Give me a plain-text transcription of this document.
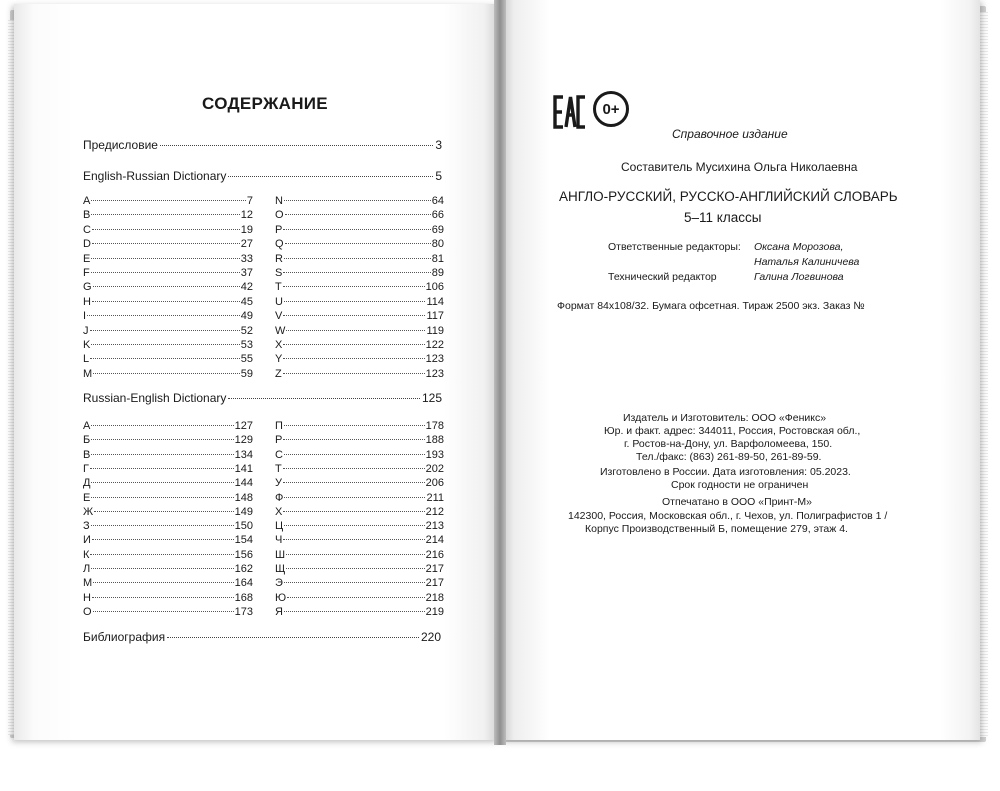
СОДЕРЖАНИЕ
Предисловие	3
English-Russian Dictionary	5
A	7
B	12
C	19
D	27
E	33
F	37
G	42
H	45
I	49
J	52
K	53
L	55
M	59
N	64
O	66
P	69
Q	80
R	81
S	89
T	106
U	114
V	117
W	119
X	122
Y	123
Z	123
Russian-English Dictionary	125
А	127
Б	129
В	134
Г	141
Д	144
Е	148
Ж	149
З	150
И	154
К	156
Л	162
М	164
Н	168
О	173
П	178
Р	188
С	193
Т	202
У	206
Ф	211
Х	212
Ц	213
Ч	214
Ш	216
Щ	217
Э	217
Ю	218
Я	219
Библиография	220
0+
Справочное издание
Составитель Мусихина Ольга Николаевна
АНГЛО-РУССКИЙ, РУССКО-АНГЛИЙСКИЙ СЛОВАРЬ
5–11 классы
Ответственные редакторы: Оксана Морозова,
Наталья Калиничева
Технический редактор	Галина Логвинова
Формат 84x108/32. Бумага офсетная. Тираж 2500 экз. Заказ №
Издатель и Изготовитель: ООО «Феникс»
Юр. и факт. адрес: 344011, Россия, Ростовская обл.,
г. Ростов-на-Дону, ул. Варфоломеева, 150.
Тел./факс: (863) 261-89-50, 261-89-59.
Изготовлено в России. Дата изготовления: 05.2023.
Срок годности не ограничен
Отпечатано в ООО «Принт-М»
142300, Россия, Московская обл., г. Чехов, ул. Полиграфистов 1 /
Корпус Производственный Б, помещение 279, этаж 4.
